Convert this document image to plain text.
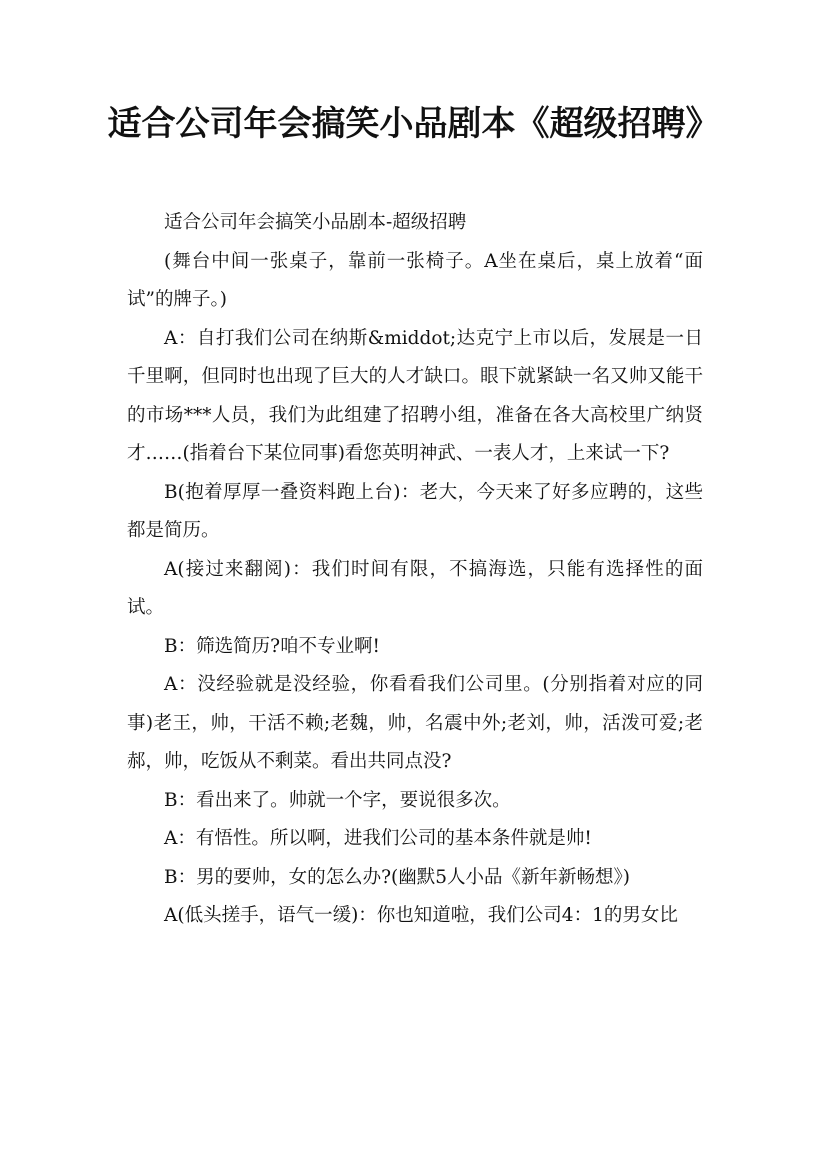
适合公司年会搞笑小品剧本《超级招聘》

适合公司年会搞笑小品剧本-超级招聘

(舞台中间一张桌子，靠前一张椅子。A坐在桌后，桌上放着“面试”的牌子。)

A：自打我们公司在纳斯&middot;达克宁上市以后，发展是一日千里啊，但同时也出现了巨大的人才缺口。眼下就紧缺一名又帅又能干的市场***人员，我们为此组建了招聘小组，准备在各大高校里广纳贤才……(指着台下某位同事)看您英明神武、一表人才，上来试一下?

B(抱着厚厚一叠资料跑上台)：老大，今天来了好多应聘的，这些都是简历。

A(接过来翻阅)：我们时间有限，不搞海选，只能有选择性的面试。

B：筛选简历?咱不专业啊!

A：没经验就是没经验，你看看我们公司里。(分别指着对应的同事)老王，帅，干活不赖;老魏，帅，名震中外;老刘，帅，活泼可爱;老郝，帅，吃饭从不剩菜。看出共同点没?

B：看出来了。帅就一个字，要说很多次。

A：有悟性。所以啊，进我们公司的基本条件就是帅!

B：男的要帅，女的怎么办?(幽默5人小品《新年新畅想》)

A(低头搓手，语气一缓)：你也知道啦，我们公司4：1的男女比
